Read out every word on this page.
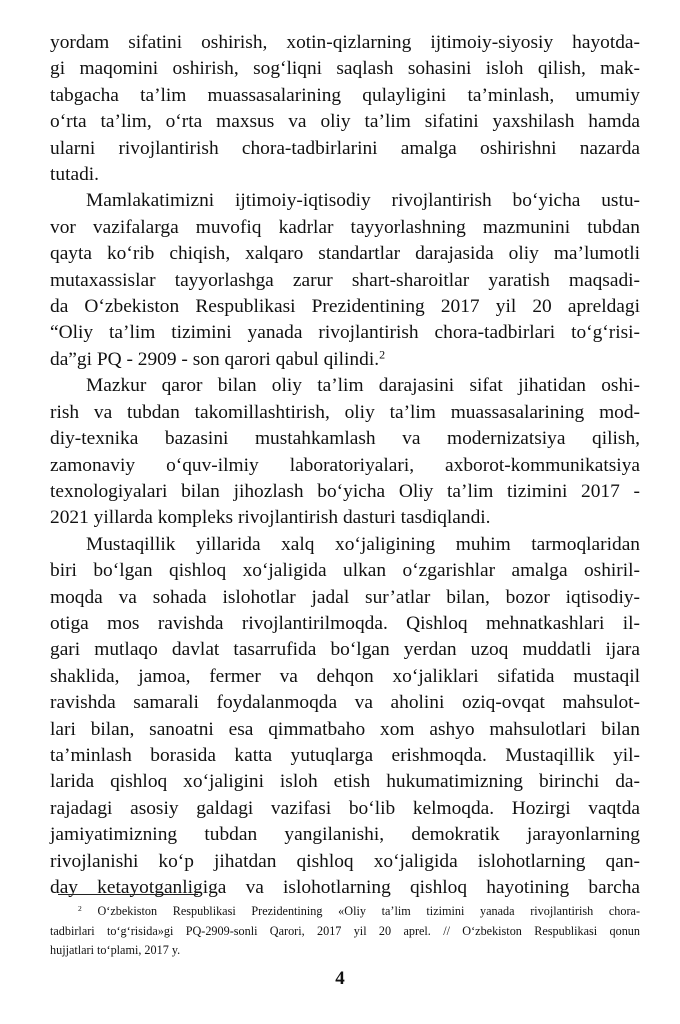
yordam sifatini oshirish, xotin-qizlarning ijtimoiy-siyosiy hayotda-
gi maqomini oshirish, sog‘liqni saqlash sohasini isloh qilish, mak-
tabgacha ta’lim muassasalarining qulayligini ta’minlash, umumiy
o‘rta ta’lim, o‘rta maxsus va oliy ta’lim sifatini yaxshilash hamda
ularni rivojlantirish chora-tadbirlarini amalga oshirishni nazarda
tutadi.
Mamlakatimizni ijtimoiy-iqtisodiy rivojlantirish bo‘yicha ustu-
vor vazifalarga muvofiq kadrlar tayyorlashning mazmunini tubdan
qayta ko‘rib chiqish, xalqaro standartlar darajasida oliy ma’lumotli
mutaxassislar tayyorlashga zarur shart-sharoitlar yaratish maqsadi-
da O‘zbekiston Respublikasi Prezidentining 2017 yil 20 apreldagi
“Oliy ta’lim tizimini yanada rivojlantirish chora-tadbirlari to‘g‘risi-
da”gi PQ - 2909 - son qarori qabul qilindi.$^2$
Mazkur qaror bilan oliy ta’lim darajasini sifat jihatidan oshi-
rish va tubdan takomillashtirish, oliy ta’lim muassasalarining mod-
diy-texnika bazasini mustahkamlash va modernizatsiya qilish,
zamonaviy o‘quv-ilmiy laboratoriyalari, axborot-kommunikatsiya
texnologiyalari bilan jihozlash bo‘yicha Oliy ta’lim tizimini 2017 -
2021 yillarda kompleks rivojlantirish dasturi tasdiqlandi.
Mustaqillik yillarida xalq xo‘jaligining muhim tarmoqlaridan
biri bo‘lgan qishloq xo‘jaligida ulkan o‘zgarishlar amalga oshiril-
moqda va sohada islohotlar jadal sur’atlar bilan, bozor iqtisodiy-
otiga mos ravishda rivojlantirilmoqda. Qishloq mehnatkashlari il-
gari mutlaqo davlat tasarrufida bo‘lgan yerdan uzoq muddatli ijara
shaklida, jamoa, fermer va dehqon xo‘jaliklari sifatida mustaqil
ravishda samarali foydalanmoqda va aholini oziq-ovqat mahsulot-
lari bilan, sanoatni esa qimmatbaho xom ashyo mahsulotlari bilan
ta’minlash borasida katta yutuqlarga erishmoqda. Mustaqillik yil-
larida qishloq xo‘jaligini isloh etish hukumatimizning birinchi da-
rajadagi asosiy galdagi vazifasi bo‘lib kelmoqda. Hozirgi vaqtda
jamiyatimizning tubdan yangilanishi, demokratik jarayonlarning
rivojlanishi ko‘p jihatdan qishloq xo‘jaligida islohotlarning qan-
day ketayotganligiga va islohotlarning qishloq hayotining barcha
$^2$ O‘zbekiston Respublikasi Prezidentining «Oliy ta’lim tizimini yanada rivojlantirish chora-
tadbirlari to‘g‘risida»gi PQ-2909-sonli Qarori, 2017 yil 20 aprel. // O‘zbekiston Respublikasi qonun
hujjatlari to‘plami, 2017 y.
4
